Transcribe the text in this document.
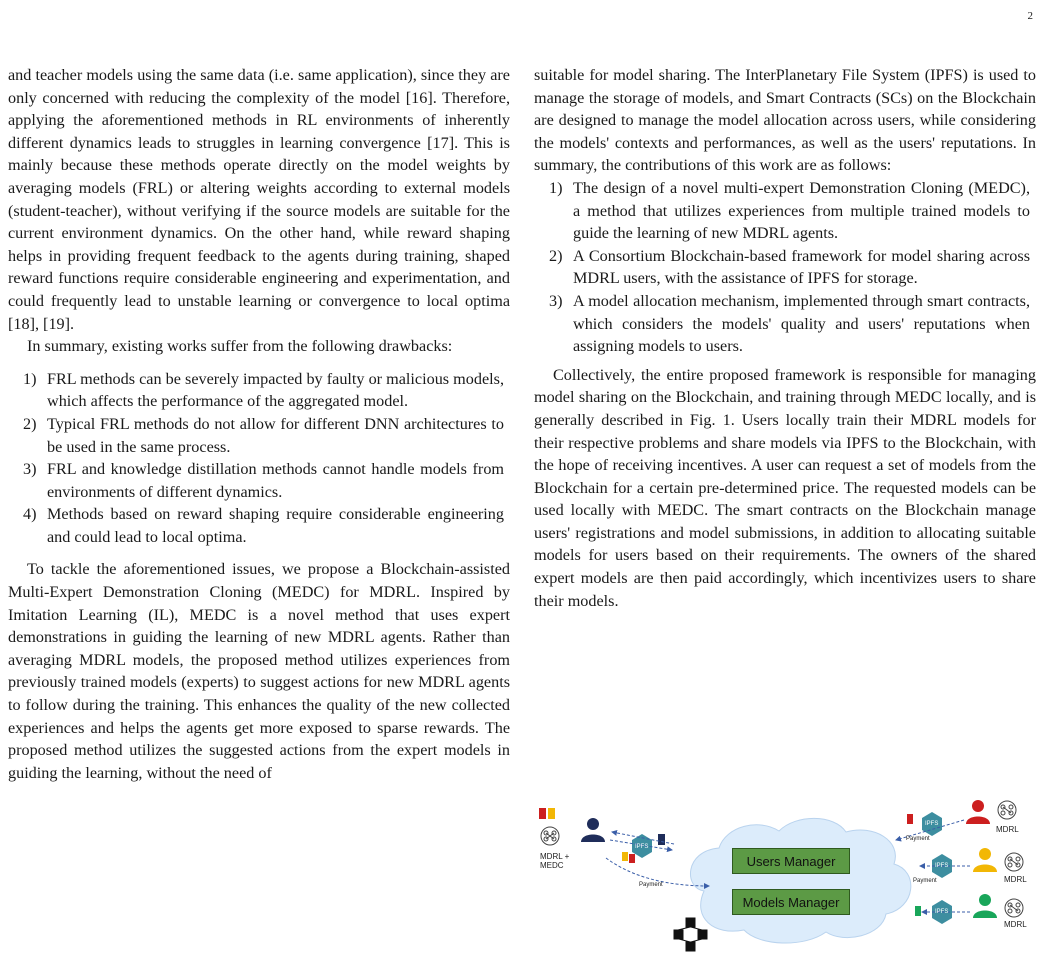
2

and teacher models using the same data (i.e. same application), since they are only concerned with reducing the complexity of the model [16]. Therefore, applying the aforementioned methods in RL environments of inherently different dynamics leads to struggles in learning convergence [17]. This is mainly because these methods operate directly on the model weights by averaging models (FRL) or altering weights according to external models (student-teacher), without verifying if the source models are suitable for the current environment dynamics. On the other hand, while reward shaping helps in providing frequent feedback to the agents during training, shaped reward functions require considerable engineering and experimentation, and could frequently lead to unstable learning or convergence to local optima [18], [19].

In summary, existing works suffer from the following drawbacks:

1) FRL methods can be severely impacted by faulty or malicious models, which affects the performance of the aggregated model.
2) Typical FRL methods do not allow for different DNN architectures to be used in the same process.
3) FRL and knowledge distillation methods cannot handle models from environments of different dynamics.
4) Methods based on reward shaping require considerable engineering and could lead to local optima.

To tackle the aforementioned issues, we propose a Blockchain-assisted Multi-Expert Demonstration Cloning (MEDC) for MDRL. Inspired by Imitation Learning (IL), MEDC is a novel method that uses expert demonstrations in guiding the learning of new MDRL agents. Rather than averaging MDRL models, the proposed method utilizes experiences from previously trained models (experts) to suggest actions for new MDRL agents to follow during the training. This enhances the quality of the new collected experiences and helps the agents get more exposed to sparse rewards. The proposed method utilizes the suggested actions from the expert models in guiding the learning, without the need of

suitable for model sharing. The InterPlanetary File System (IPFS) is used to manage the storage of models, and Smart Contracts (SCs) on the Blockchain are designed to manage the model allocation across users, while considering the models' contexts and performances, as well as the users' reputations. In summary, the contributions of this work are as follows:

1) The design of a novel multi-expert Demonstration Cloning (MEDC), a method that utilizes experiences from multiple trained models to guide the learning of new MDRL agents.
2) A Consortium Blockchain-based framework for model sharing across MDRL users, with the assistance of IPFS for storage.
3) A model allocation mechanism, implemented through smart contracts, which considers the models' quality and users' reputations when assigning models to users.

Collectively, the entire proposed framework is responsible for managing model sharing on the Blockchain, and training through MEDC locally, and is generally described in Fig. 1. Users locally train their MDRL models for their respective problems and share models via IPFS to the Blockchain, with the hope of receiving incentives. A user can request a set of models from the Blockchain for a certain pre-determined price. The requested models can be used locally with MEDC. The smart contracts on the Blockchain manage users' registrations and model submissions, in addition to allocating suitable models for users based on their requirements. The owners of the shared expert models are then paid accordingly, which incentivizes users to share their models.

Users Manager
Models Manager
MDRL +
MEDC
Payment
Payment
Payment
IPFS
IPFS
IPFS
IPFS
MDRL
MDRL
MDRL
